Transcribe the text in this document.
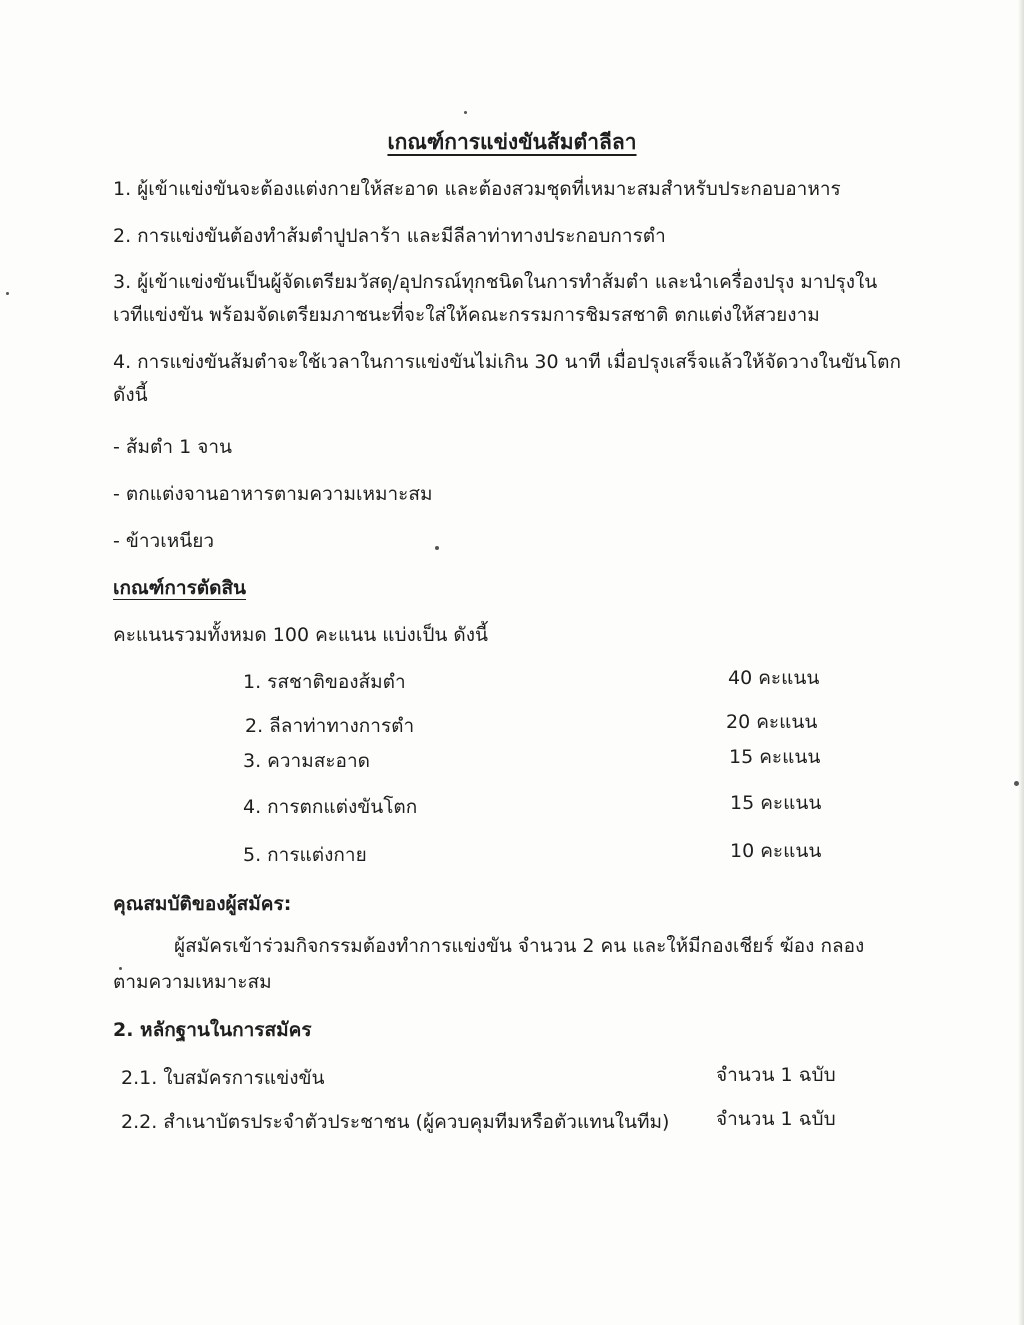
เกณฑ์การแข่งขันส้มตำลีลา
1. ผู้เข้าแข่งขันจะต้องแต่งกายให้สะอาด และต้องสวมชุดที่เหมาะสมสำหรับประกอบอาหาร
2. การแข่งขันต้องทำส้มตำปูปลาร้า และมีลีลาท่าทางประกอบการตำ
3. ผู้เข้าแข่งขันเป็นผู้จัดเตรียมวัสดุ/อุปกรณ์ทุกชนิดในการทำส้มตำ และนำเครื่องปรุง มาปรุงใน
เวทีแข่งขัน พร้อมจัดเตรียมภาชนะที่จะใส่ให้คณะกรรมการชิมรสชาติ ตกแต่งให้สวยงาม
4. การแข่งขันส้มตำจะใช้เวลาในการแข่งขันไม่เกิน 30 นาที เมื่อปรุงเสร็จแล้วให้จัดวางในขันโตก
ดังนี้
- ส้มตำ 1 จาน
- ตกแต่งจานอาหารตามความเหมาะสม
- ข้าวเหนียว
เกณฑ์การตัดสิน
คะแนนรวมทั้งหมด 100 คะแนน แบ่งเป็น ดังนี้
1. รสชาติของส้มตำ	40 คะแนน
2. ลีลาท่าทางการตำ	20 คะแนน
3. ความสะอาด	15 คะแนน
4. การตกแต่งขันโตก	15 คะแนน
5. การแต่งกาย	10 คะแนน
คุณสมบัติของผู้สมัคร:
ผู้สมัครเข้าร่วมกิจกรรมต้องทำการแข่งขัน จำนวน 2 คน และให้มีกองเชียร์ ฆ้อง กลอง
ตามความเหมาะสม
2. หลักฐานในการสมัคร
2.1. ใบสมัครการแข่งขัน	จำนวน 1 ฉบับ
2.2. สำเนาบัตรประจำตัวประชาชน (ผู้ควบคุมทีมหรือตัวแทนในทีม) จำนวน 1 ฉบับ
